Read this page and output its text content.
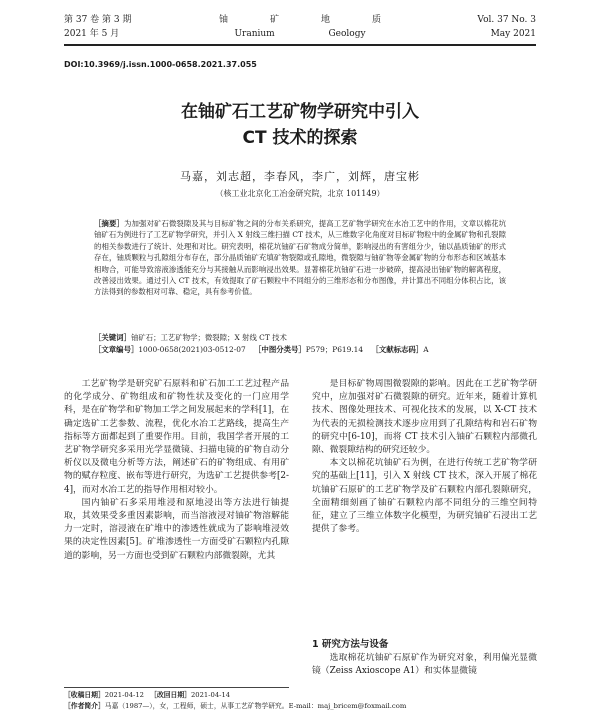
第 37 卷 第 3 期
2021 年 5 月
铀矿地质
Uranium	Geology
Vol. 37 No. 3
May 2021
DOI:10.3969/j.issn.1000-0658.2021.37.055
在铀矿石工艺矿物学研究中引入
CT 技术的探索
马嘉，刘志超，李春风，李广，刘辉，唐宝彬
（核工业北京化工冶金研究院，北京 101149）
［摘要］为加强对矿石微裂隙及其与目标矿物之间的分布关系研究，提高工艺矿物学研究在水冶工艺中的作用，文章以棉花坑铀矿石为例进行了工艺矿物学研究，并引入 X 射线三维扫描 CT 技术，从三维数字化角度对目标矿物粒中的金属矿物和孔裂隙的相关参数进行了统计、处理和对比。研究表明，棉花坑铀矿石矿物成分简单，影响浸出的有害组分少，铀以晶质铀矿的形式存在，铀质颗粒与孔隙组分布存在，部分晶质铀矿充填矿物裂隙或孔隙地，微裂隙与铀矿物等金属矿物的分布形态和区域基本相吻合，可能导致溶液渗透能充分与其接触从而影响浸出效果。显著棉花坑铀矿石进一步破碎，提高浸出铀矿物的解离程度，改善浸出效果。通过引入 CT 技术，有效提取了矿石颗粒中不同组分的三维形态和分布图像，并计算出不同组分体积占比，该方法得到的参数相对可靠、稳定，具有参考价值。
［关键词］铀矿石；工艺矿物学；微裂隙；X 射线 CT 技术
［文章编号］1000-0658(2021)03-0512-07 ［中图分类号］P579；P619.14 ［文献标志码］A

工艺矿物学是研究矿石原料和矿石加工工艺过程产品的化学成分、矿物组成和矿物性状及变化的一门应用学科，是在矿物学和矿物加工学之间发展起来的学科[1]，在确定选矿工艺参数、流程，优化水冶工艺路线，提高生产指标等方面都起到了重要作用。目前，我国学者开展的工艺矿物学研究多采用光学显微镜、扫描电镜的矿物自动分析仪以及微电分析等方法，阐述矿石的矿物组成、有用矿物的赋存粒度、嵌布等进行研究，为选矿工艺提供参考[2-4]，而对水冶工艺的指导作用相对较小。

国内铀矿石多采用堆浸和原地浸出等方法进行铀提取，其效果受多重因素影响，而当溶液浸对铀矿物溶解能力一定时，溶浸液在矿堆中的渗透性就成为了影响堆浸效果的决定性因素[5]。矿堆渗透性一方面受矿石颗粒内孔隙道的影响，另一方面也受到矿石颗粒内部微裂隙，尤其

是目标矿物周围微裂隙的影响。因此在工艺矿物学研究中，应加强对矿石微裂隙的研究。近年来，随着计算机技术、图像处理技术、可视化技术的发展，以 X-CT 技术为代表的无损检测技术逐步应用到了孔隙结构和岩石矿物的研究中[6-10]，而将 CT 技术引入铀矿石颗粒内部微孔隙、微裂隙结构的研究还较少。

本文以棉花坑铀矿石为例，在进行传统工艺矿物学研究的基础上[11]，引入 X 射线 CT 技术，深入开展了棉花坑铀矿石原矿的工艺矿物学及矿石颗粒内部孔裂隙研究，全面精细刻画了铀矿石颗粒内部不同组分的三维空间特征，建立了三维立体数字化模型，为研究铀矿石浸出工艺提供了参考。

1 研究方法与设备

选取棉花坑铀矿石原矿作为研究对象，利用偏光显微镜（Zeiss Axioscope A1）和实体显微镜

［收稿日期］2021-04-12 ［改回日期］2021-04-14
［作者简介］马嘉（1987—），女，工程师，硕士，从事工艺矿物学研究。E-mail：maj_bricem@foxmail.com
